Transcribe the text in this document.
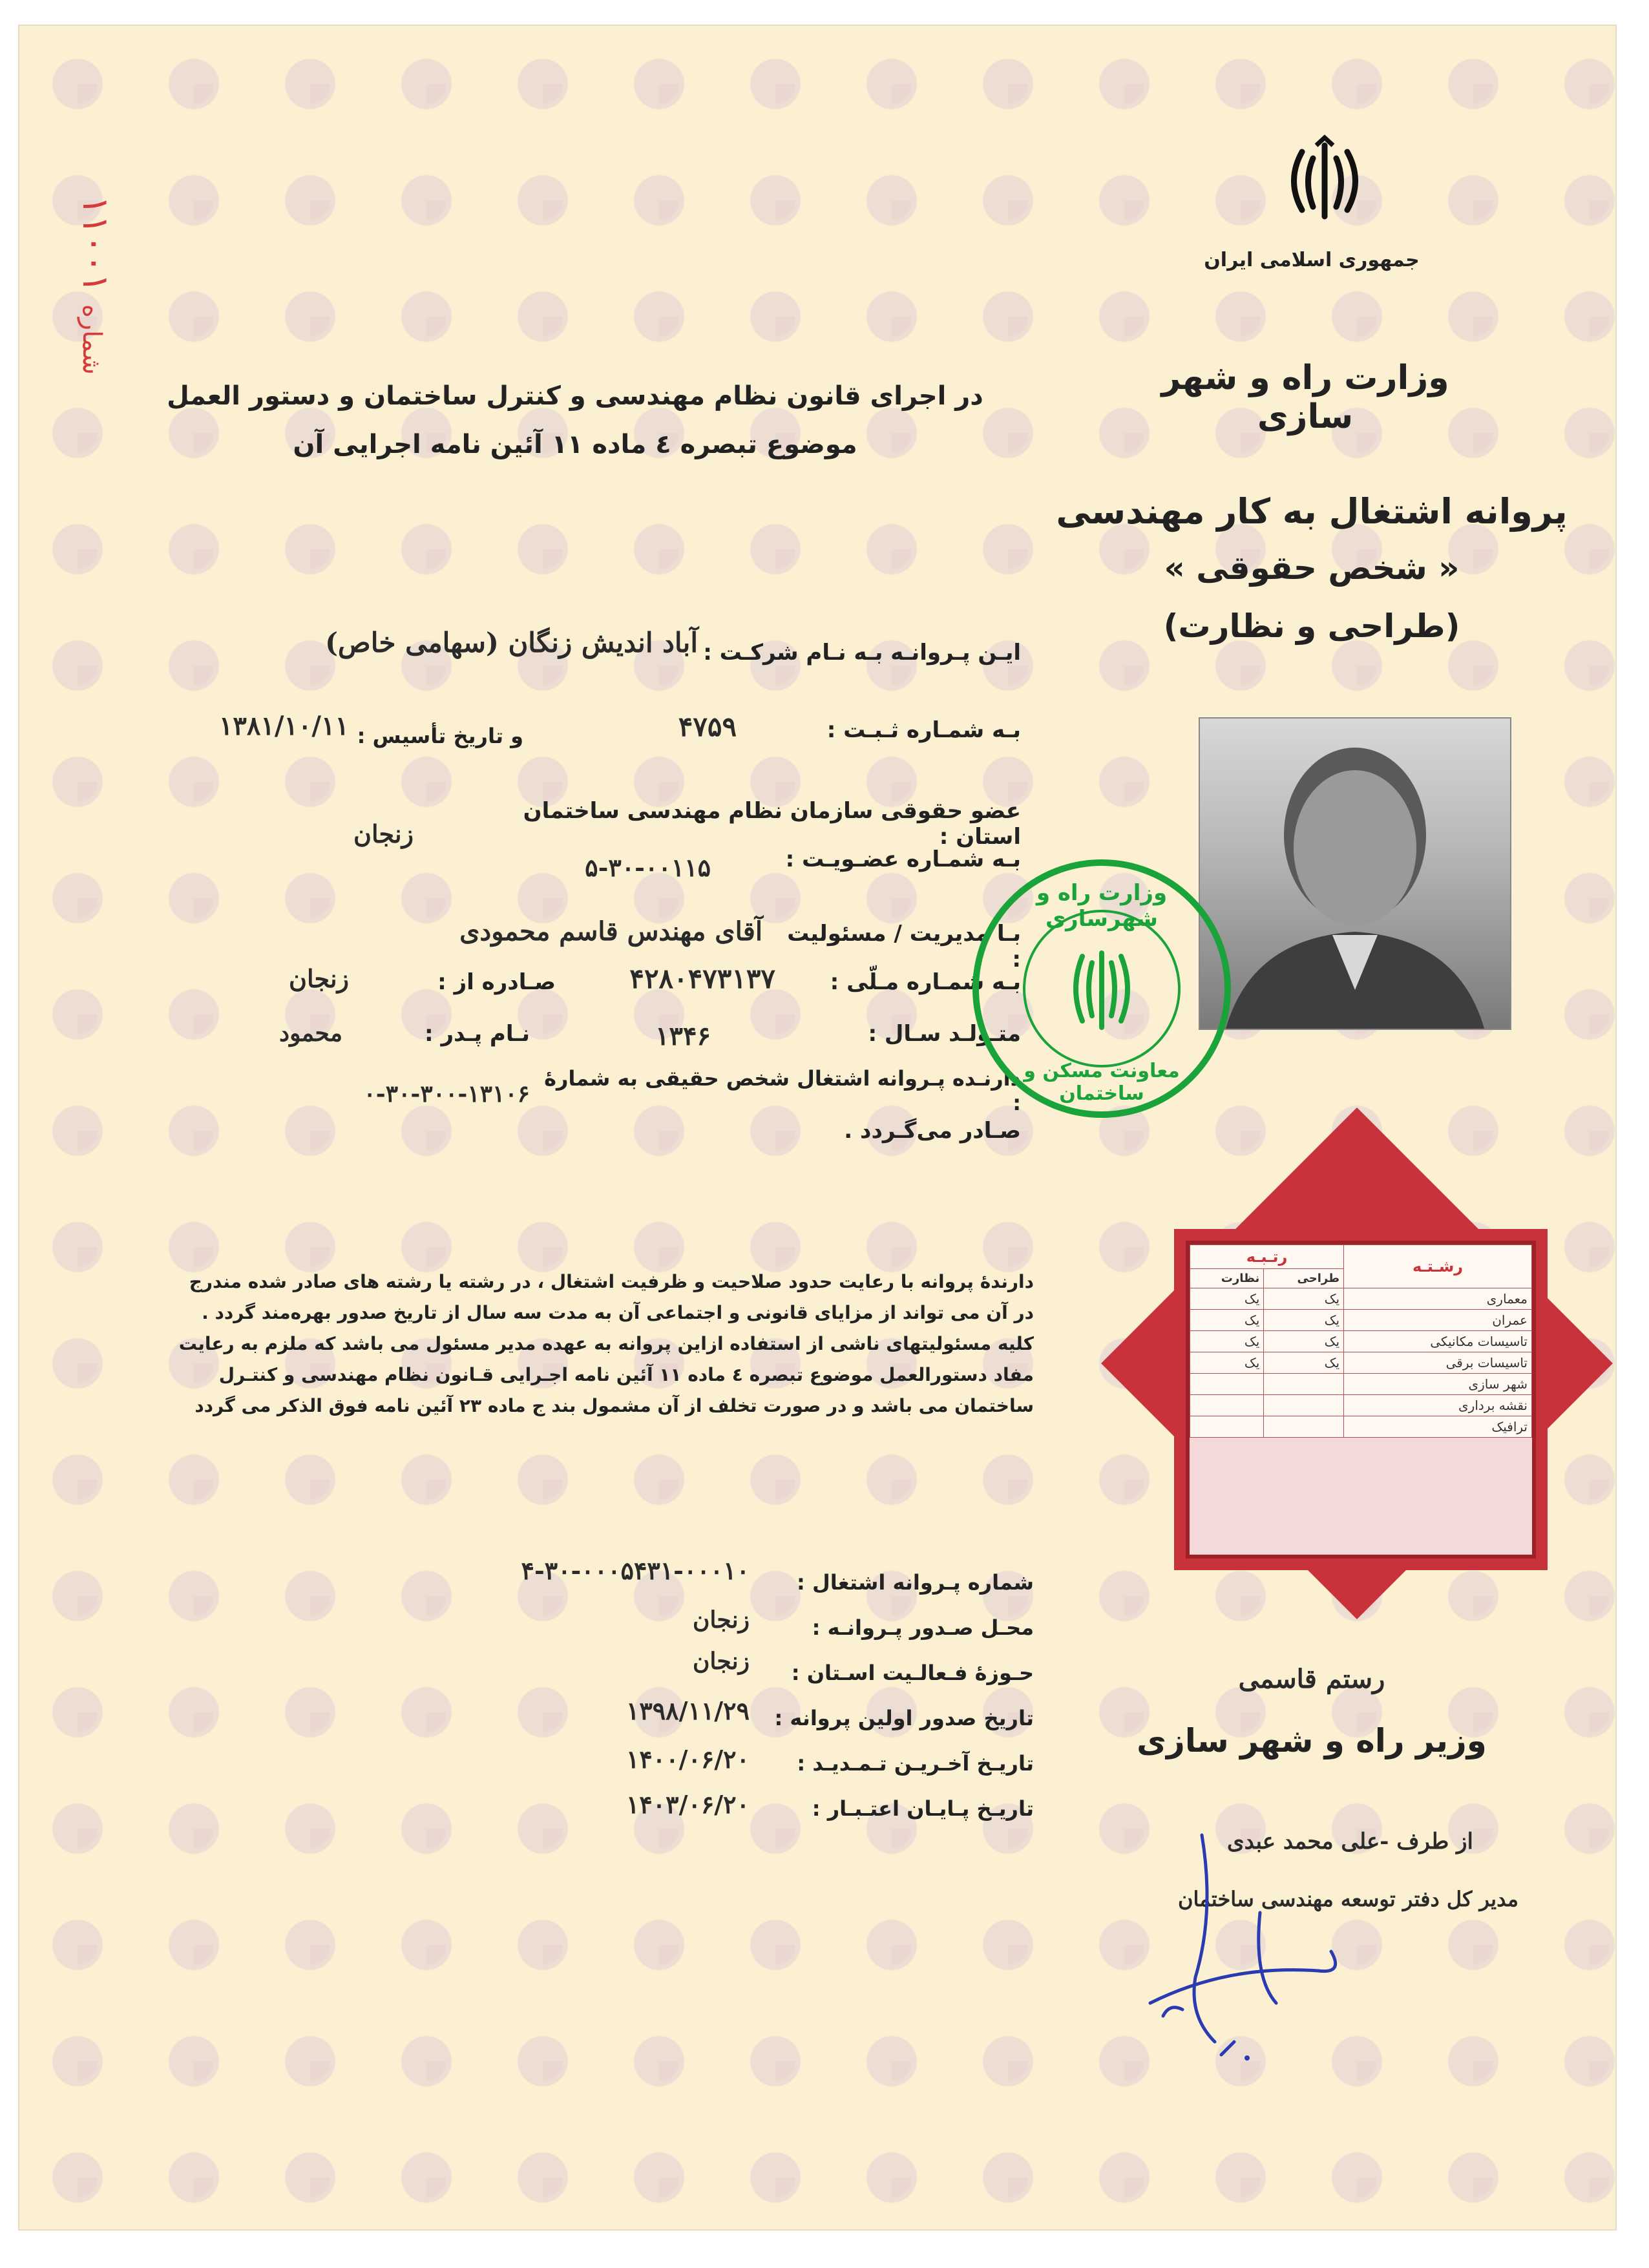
شماره ۱۱۰۰۱	جمهوری اسلامی ایران
وزارت راه و شهر سازی
پروانه اشتغال به کار مهندسی
« شخص حقوقی »
(طراحی و نظارت)
در اجرای قانون نظام مهندسی و کنترل ساختمان و دستور العمل
موضوع تبصره ٤ ماده ۱۱ آئین نامه اجرایی آن
ایـن پـروانـه بـه نـام شرکـت :
آباد اندیش زنگان (سهامی خاص)
بـه شمـاره ثـبـت :
۴۷۵۹
و تاریخ تأسیس :
۱۳۸۱/۱۰/۱۱
عضو حقوقی سازمان نظام مهندسی ساختمان استان :
زنجان
بـه شمـاره عضـویـت :
۵-۳۰-۰۰۱۱۵
بـا مدیریت / مسئولیت :
آقای مهندس قاسم محمودی
بـه شمـاره مـلّی :
۴۲۸۰۴۷۳۱۳۷
صـادره از :
زنجان
متـولـد سـال :
۱۳۴۶
نـام پـدر :
محمود
دارنـده پـروانه اشتغال شخص حقیقی به شمارهٔ :
۰-۳۰-۳۰۰-۱۳۱۰۶
صـادر می‌گـردد .
وزارت راه و شهرسازی
معاونت مسکن و ساختمان
دارندهٔ پروانه با رعایت حدود صلاحیت و ظرفیت اشتغال ، در رشته یا رشته های صادر شده مندرج
در آن می تواند از مزایای قانونی و اجتماعی آن به مدت سه سال از تاریخ صدور بهره‌مند گردد .
کلیه مسئولیتهای ناشی از استفاده ازاین پروانه به عهده مدیر مسئول می باشد که ملزم به رعایت
مفاد دستورالعمل موضوع تبصره ٤ ماده ۱۱ آئین نامه اجـرایی قـانون نظام مهندسی و کنتـرل
ساختمان می باشد و در صورت تخلف از آن مشمول بند ج ماده ۲۳ آئین نامه فوق الذکر می گردد
شماره پـروانه اشتغال :
۴-۳۰-۰۰۰۵۴۳۱-۰۰۰۱۰
محـل صـدور پـروانـه :
زنجان
حـوزهٔ فـعالـیت اسـتان :
زنجان
تاریخ صدور اولین پروانه :
۱۳۹۸/۱۱/۲۹
تاریـخ آخـریـن تـمـدیـد :
۱۴۰۰/۰۶/۲۰
تاریـخ پـایـان اعتـبـار :
۱۴۰۳/۰۶/۲۰
رشـتـه	رتـبـه	
	طراحی	نظارت
معماری	یک	یک
عمران	یک	یک
تاسیسات مکانیکی	یک	یک
تاسیسات برقی	یک	یک
شهر سازی		
نقشه برداری		
ترافیک		
رستم قاسمی
وزیر راه و شهر سازی
از طرف -علی محمد عبدی
مدیر کل دفتر توسعه مهندسی ساختمان
